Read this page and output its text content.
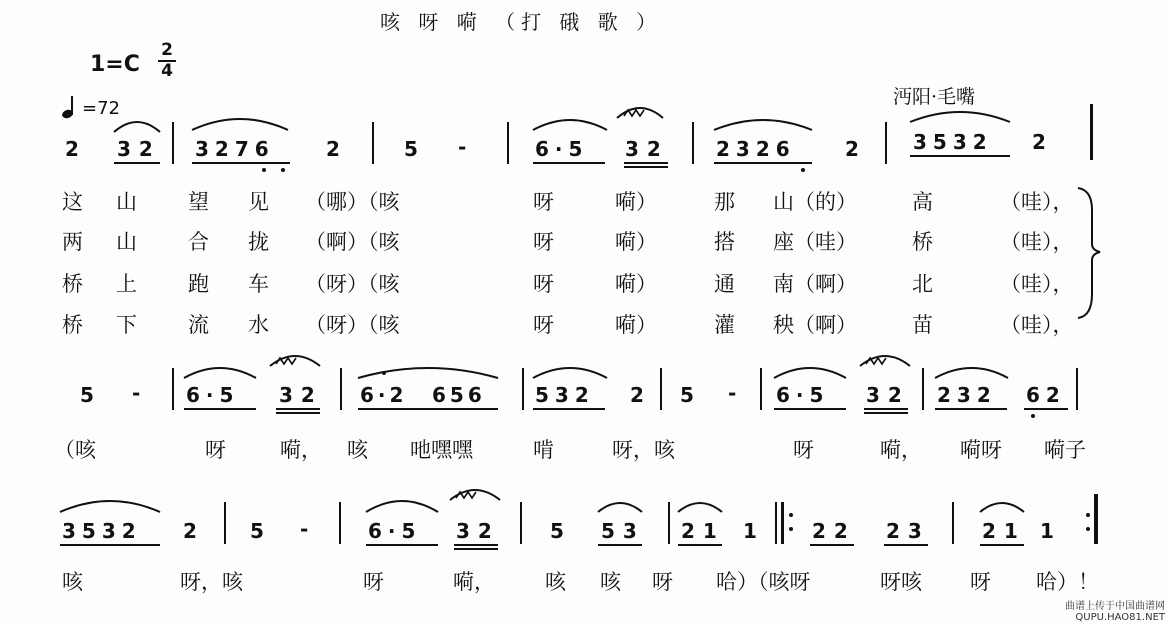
咳 呀 嗬 （打 硪 歌 ）
1=C
2
4
=72
沔阳·毛嘴
2 32 3276	2	5 -	6·5 32 2326 2	3532 2
这 山 望 见 （哪）（咳	呀	嗬）	那 山（的）	高	（哇），
两 山 合 拢 （啊）（咳	呀	嗬）	搭 座（哇）	桥	（哇），
桥 上 跑 车 （呀）（咳	呀	嗬）	通 南（啊）	北	（哇），
桥 下 流 水 （呀）（咳	呀	嗬）	灌 秧（啊）	苗	（哇），
5 - 6·5 32 6·2 656 532 2 5 - 6·5 32 232 62
（咳	呀	嗬， 咳 吔嘿嘿	啃	呀，咳	呀	嗬， 嗬呀 嗬子
3532 2	5 -	6·5 32	5 53 21 1	22 23	21 1
咳	呀，咳	呀	嗬， 咳 咳 呀 哈）（咳呀	呀咳 呀 哈）！
曲谱上传于中国曲谱网
QUPU.HAO81.NET
